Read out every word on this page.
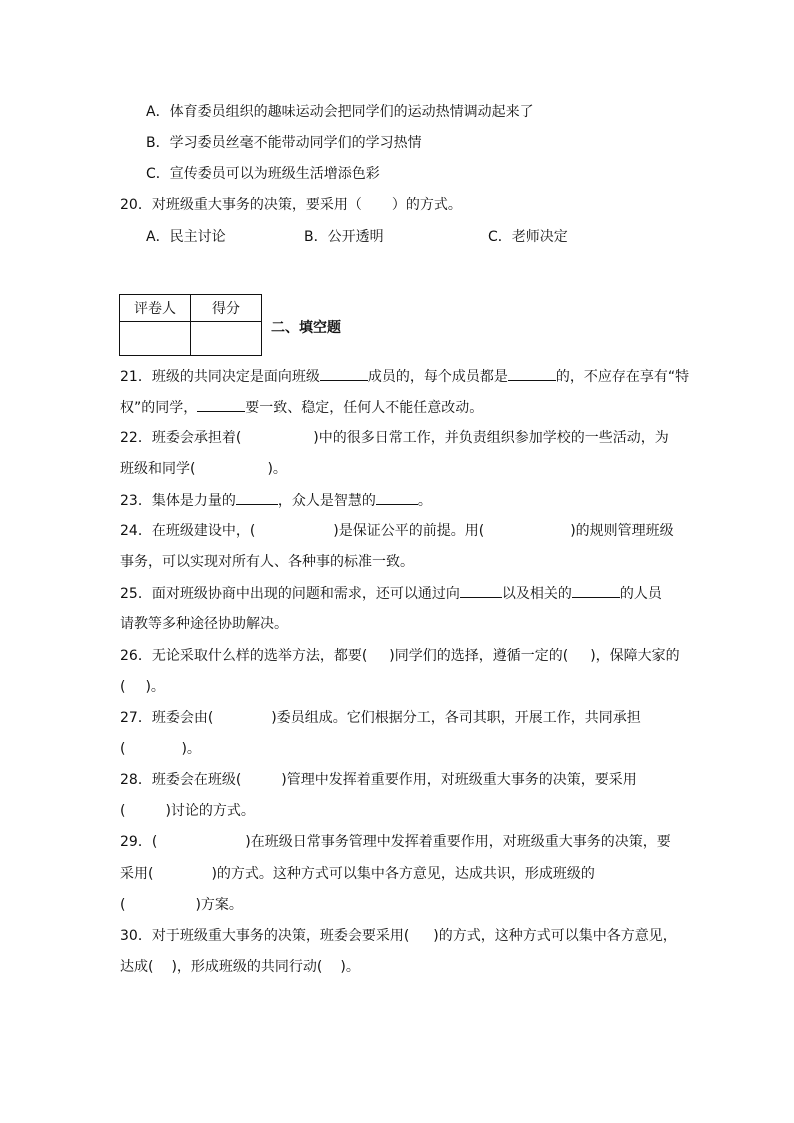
A．体育委员组织的趣味运动会把同学们的运动热情调动起来了
B．学习委员丝毫不能带动同学们的学习热情
C．宣传委员可以为班级生活增添色彩
20．对班级重大事务的决策，要采用（ ）的方式。
A．民主讨论	B．公开透明	C．老师决定
评卷人	得分

二、填空题
21．班级的共同决定是面向班级	成员的，每个成员都是	的，不应存在享有“特
权”的同学，	要一致、稳定，任何人不能任意改动。
22．班委会承担着(	)中的很多日常工作，并负责组织参加学校的一些活动，为
班级和同学(	)。
23．集体是力量的	，众人是智慧的	。
24．在班级建设中，(	)是保证公平的前提。用(	)的规则管理班级
事务，可以实现对所有人、各种事的标准一致。
25．面对班级协商中出现的问题和需求，还可以通过向	以及相关的	的人员
请教等多种途径协助解决。
26．无论采取什么样的选举方法，都要( )同学们的选择，遵循一定的( )，保障大家的
( )。
27．班委会由(	)委员组成。它们根据分工，各司其职，开展工作，共同承担
(	)。
28．班委会在班级(	)管理中发挥着重要作用，对班级重大事务的决策，要采用
(	)讨论的方式。
29．(	)在班级日常事务管理中发挥着重要作用，对班级重大事务的决策，要
采用(	)的方式。这种方式可以集中各方意见，达成共识，形成班级的
(	)方案。
30．对于班级重大事务的决策，班委会要采用( )的方式，这种方式可以集中各方意见，
达成( )，形成班级的共同行动( )。
